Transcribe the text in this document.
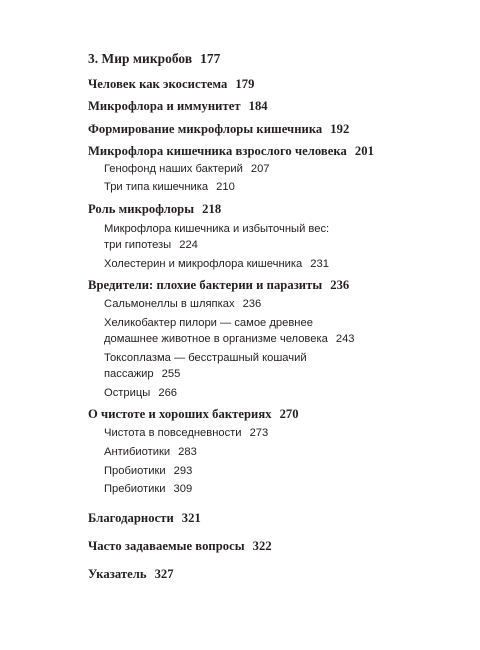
3. Мир микробов 177
Человек как экосистема 179
Микрофлора и иммунитет 184
Формирование микрофлоры кишечника 192
Микрофлора кишечника взрослого человека 201
Генофонд наших бактерий 207
Три типа кишечника 210
Роль микрофлоры 218
Микрофлора кишечника и избыточный вес:
три гипотезы 224
Холестерин и микрофлора кишечника 231
Вредители: плохие бактерии и паразиты 236
Сальмонеллы в шляпках 236
Хеликобактер пилори — самое древнее
домашнее животное в организме человека 243
Токсоплазма — бесстрашный кошачий
пассажир 255
Острицы 266
О чистоте и хороших бактериях 270
Чистота в повседневности 273
Антибиотики 283
Пробиотики 293
Пребиотики 309
Благодарности 321
Часто задаваемые вопросы 322
Указатель 327
